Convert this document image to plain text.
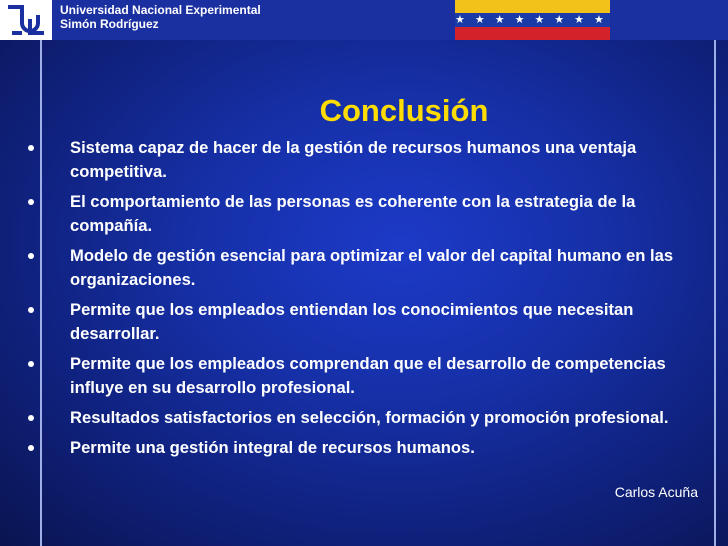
Universidad Nacional Experimental
Simón Rodríguez	★★★★★★★★
Conclusión
Sistema capaz de hacer de la gestión de recursos humanos una ventaja competitiva.
El comportamiento de las personas es coherente con la estrategia de la compañía.
Modelo de gestión esencial para optimizar el valor del capital humano en las organizaciones.
Permite que los empleados entiendan los conocimientos que necesitan desarrollar.
Permite que los empleados comprendan que el desarrollo de competencias influye en su desarrollo profesional.
Resultados satisfactorios en selección, formación y promoción profesional.
Permite una gestión integral de recursos humanos.
Carlos Acuña
